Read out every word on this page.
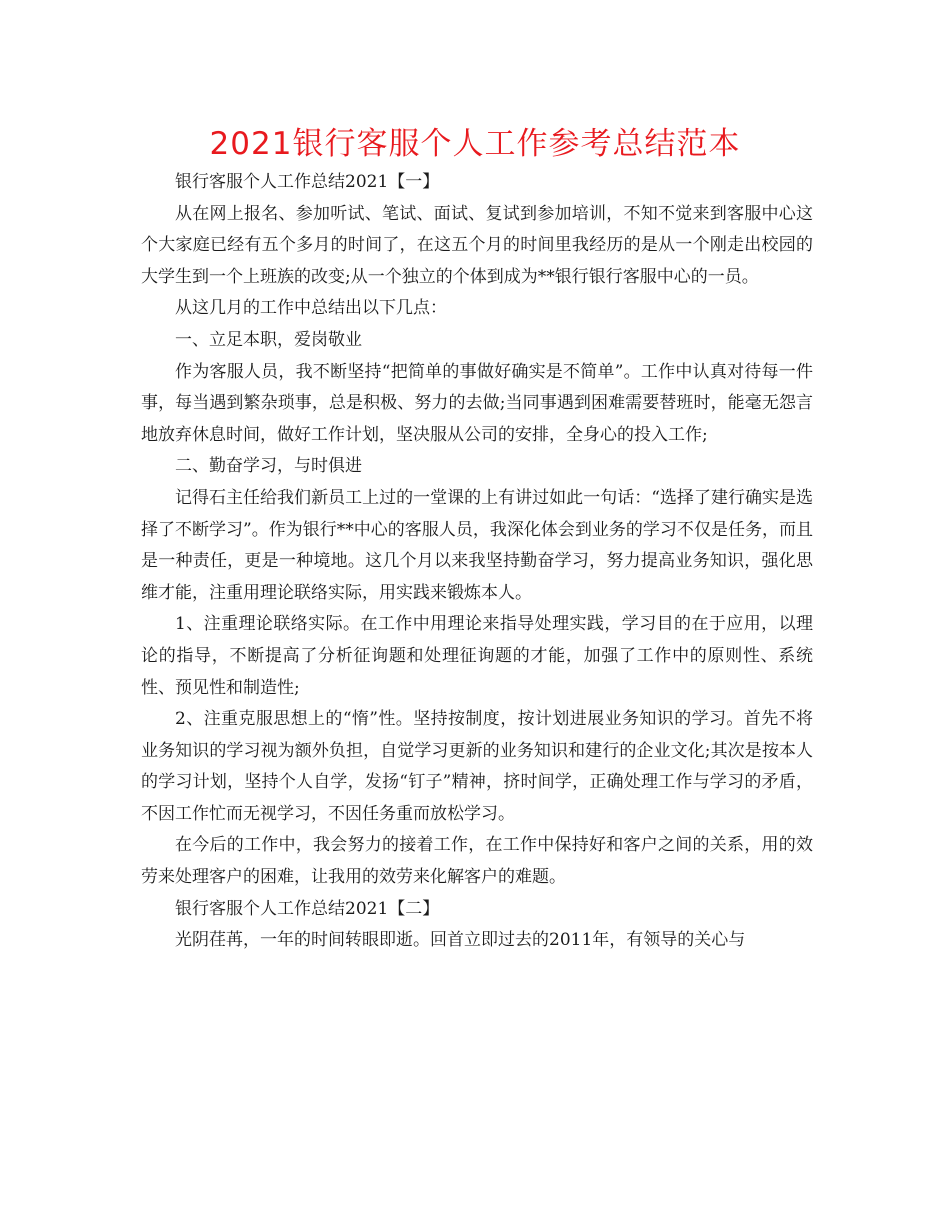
2021银行客服个人工作参考总结范本

银行客服个人工作总结2021【一】

从在网上报名、参加听试、笔试、面试、复试到参加培训，不知不觉来到客服中心这个大家庭已经有五个多月的时间了，在这五个月的时间里我经历的是从一个刚走出校园的大学生到一个上班族的改变;从一个独立的个体到成为**银行银行客服中心的一员。

从这几月的工作中总结出以下几点：

一、立足本职，爱岗敬业

作为客服人员，我不断坚持“把简单的事做好确实是不简单”。工作中认真对待每一件事，每当遇到繁杂琐事，总是积极、努力的去做;当同事遇到困难需要替班时，能毫无怨言地放弃休息时间，做好工作计划，坚决服从公司的安排，全身心的投入工作;

二、勤奋学习，与时俱进

记得石主任给我们新员工上过的一堂课的上有讲过如此一句话：“选择了建行确实是选择了不断学习”。作为银行**中心的客服人员，我深化体会到业务的学习不仅是任务，而且是一种责任，更是一种境地。这几个月以来我坚持勤奋学习，努力提高业务知识，强化思维才能，注重用理论联络实际，用实践来锻炼本人。

1、注重理论联络实际。在工作中用理论来指导处理实践，学习目的在于应用，以理论的指导，不断提高了分析征询题和处理征询题的才能，加强了工作中的原则性、系统性、预见性和制造性;

2、注重克服思想上的“惰”性。坚持按制度，按计划进展业务知识的学习。首先不将业务知识的学习视为额外负担，自觉学习更新的业务知识和建行的企业文化;其次是按本人的学习计划，坚持个人自学，发扬“钉子”精神，挤时间学，正确处理工作与学习的矛盾，不因工作忙而无视学习，不因任务重而放松学习。

在今后的工作中，我会努力的接着工作，在工作中保持好和客户之间的关系，用的效劳来处理客户的困难，让我用的效劳来化解客户的难题。

银行客服个人工作总结2021【二】

光阴荏苒，一年的时间转眼即逝。回首立即过去的2011年，有领导的关心与
